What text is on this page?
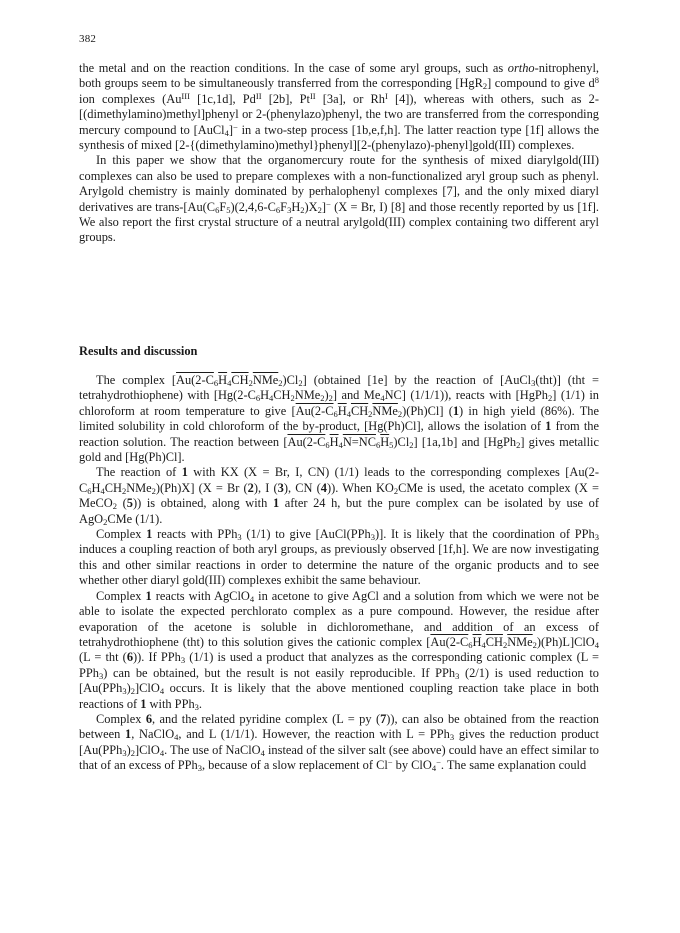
382

the metal and on the reaction conditions. In the case of some aryl groups, such as ortho-nitrophenyl, both groups seem to be simultaneously transferred from the corresponding [HgR$_2$] compound to give $d^8$ ion complexes ($Au^{III}$ [1c,1d], $Pd^{II}$ [2b], $Pt^{II}$ [3a], or $Rh^I$ [4]), whereas with others, such as 2-[(dimethylamino)methyl]phenyl or 2-(phenylazo)phenyl, the two are transferred from the corresponding mercury compound to [AuCl$_4$]− in a two-step process [1b,e,f,h]. The latter reaction type [1f] allows the synthesis of mixed [2-{(dimethylamino)methyl}phenyl][2-(phenylazo)-phenyl]gold(III) complexes.

In this paper we show that the organomercury route for the synthesis of mixed diarylgold(III) complexes can also be used to prepare complexes with a non-functionalized aryl group such as phenyl. Arylgold chemistry is mainly dominated by perhalophenyl complexes [7], and the only mixed diaryl derivatives are trans-$[Au(C_6F_5)(2,4,6-C_6F_3H_2)X_2]^-$ (X = Br, I) [8] and those recently reported by us [1f]. We also report the first crystal structure of a neutral arylgold(III) complex containing two different aryl groups.

Results and discussion

The complex $[Au(2-C_6\overline{H}_4\overline{CH}_2\overline{NMe}_2)Cl_2]$ (obtained [1e] by the reaction of [AuCl$_3$(tht)] (tht = tetrahydrothiophene) with $[Hg(2-C_6H_4CH_2NMe_2)_2]$ and $Me_4NC$] (1/1/1)), reacts with [HgPh$_2$] (1/1) in chloroform at room temperature to give $[Au(2-C_6\overline{H}_4\overline{CH}_2\overline{NMe}_2)(Ph)Cl]$ (1) in high yield (86%). The limited solubility in cold chloroform of the by-product, [Hg(Ph)Cl], allows the isolation of 1 from the reaction solution. The reaction between $[Au(2-C_6\overline{H}_4N=NC_6\overline{H}_5)Cl_2]$ [1a,1b] and [HgPh$_2$] gives metallic gold and [Hg(Ph)Cl].

The reaction of 1 with KX (X = Br, I, CN) (1/1) leads to the corresponding complexes $[Au(2-C_6H_4CH_2NMe_2)(Ph)X] (X = Br$ (2), I (3), CN (4)). When $KO_2CMe$ is used, the acetato complex (X = MeCO$_2$ (5)) is obtained, along with 1 after 24 h, but the pure complex can be isolated by use of AgO$_2$CMe (1/1).

Complex 1 reacts with PPh$_3$ (1/1) to give [AuCl(PPh$_3$)]. It is likely that the coordination of PPh$_3$ induces a coupling reaction of both aryl groups, as previously observed [1f,h]. We are now investigating this and other similar reactions in order to determine the nature of the organic products and to see whether other diaryl gold(III) complexes exhibit the same behaviour.

Complex 1 reacts with AgClO$_4$ in acetone to give AgCl and a solution from which we were not be able to isolate the expected perchlorato complex as a pure compound. However, the residue after evaporation of the acetone is soluble in dichloromethane, and addition of an excess of tetrahydrothiophene (tht) to this solution gives the cationic complex $[Au(2-C_6\overline{H}_4\overline{CH}_2\overline{NMe}_2)(Ph)L]ClO_4$ (L = tht (6)). If PPh$_3$ (1/1) is used a product that analyzes as the corresponding cationic complex (L = PPh$_3$) can be obtained, but the result is not easily reproducible. If PPh$_3$ (2/1) is used reduction to $[Au(PPh_3)_2]ClO_4$ occurs. It is likely that the above mentioned coupling reaction take place in both reactions of 1 with PPh$_3$.

Complex 6, and the related pyridine complex (L = py (7)), can also be obtained from the reaction between 1, NaClO$_4$, and L (1/1/1). However, the reaction with L = PPh$_3$ gives the reduction product $[Au(PPh_3)_2]ClO_4$. The use of NaClO$_4$ instead of the silver salt (see above) could have an effect similar to that of an excess of PPh$_3$, because of a slow replacement of Cl− by ClO$_4$−. The same explanation could
